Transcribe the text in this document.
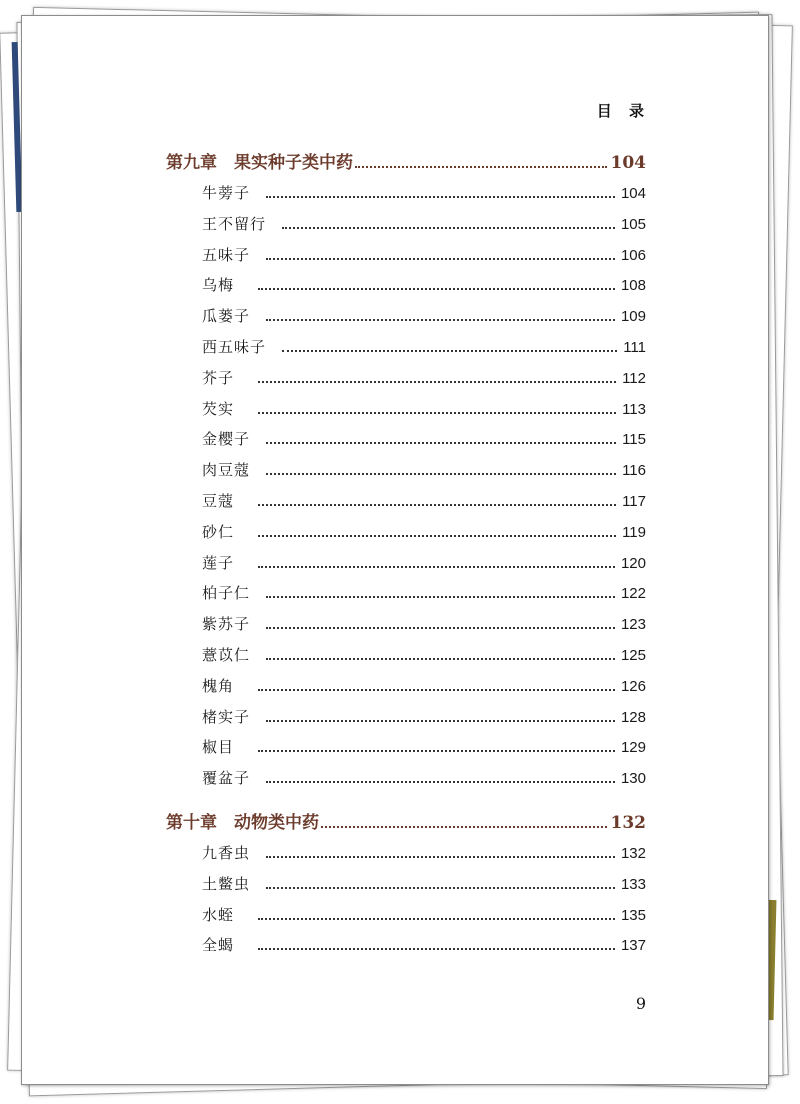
目 录
第九章　果实种子类中药	104
牛蒡子	104
王不留行	105
五味子	106
乌梅	108
瓜蒌子	109
西五味子	111
芥子	112
芡实	113
金樱子	115
肉豆蔻	116
豆蔻	117
砂仁	119
莲子	120
柏子仁	122
紫苏子	123
薏苡仁	125
槐角	126
楮实子	128
椒目	129
覆盆子	130
第十章　动物类中药	132
九香虫	132
土鳖虫	133
水蛭	135
全蝎	137
9
